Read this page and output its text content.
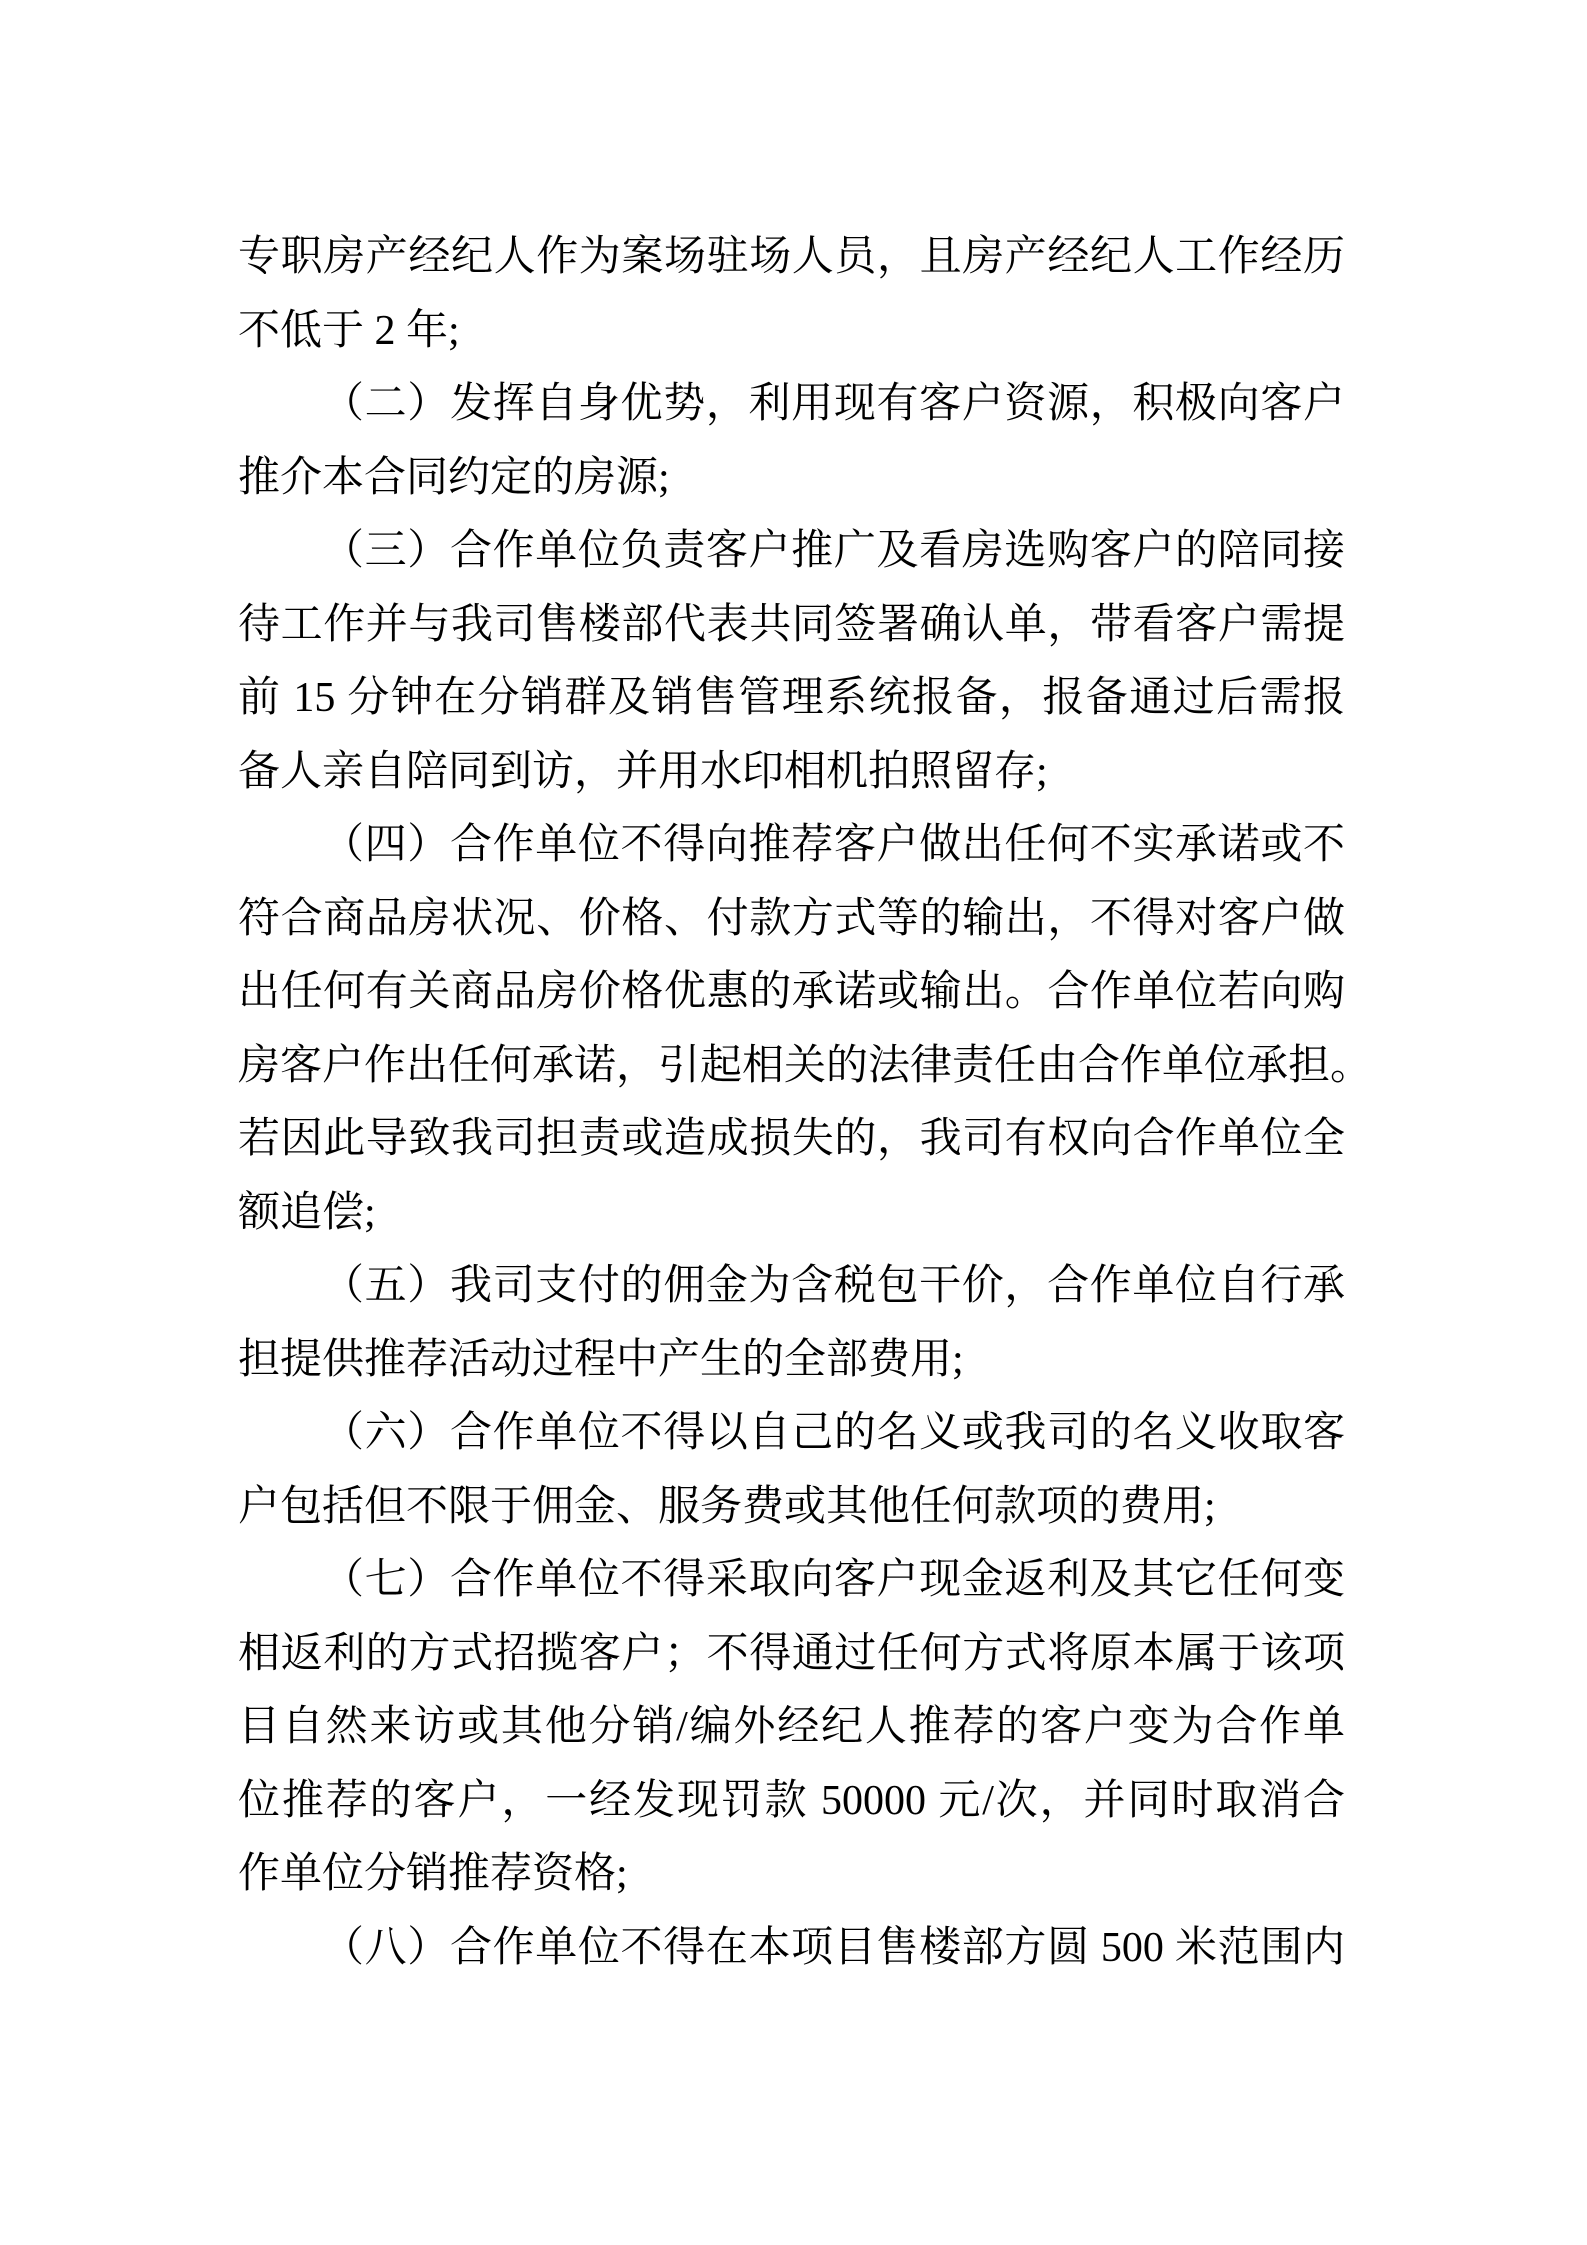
专职房产经纪人作为案场驻场人员，且房产经纪人工作经历
不低于 2 年;
（二）发挥自身优势，利用现有客户资源，积极向客户
推介本合同约定的房源;
（三）合作单位负责客户推广及看房选购客户的陪同接
待工作并与我司售楼部代表共同签署确认单，带看客户需提
前 15 分钟在分销群及销售管理系统报备，报备通过后需报
备人亲自陪同到访，并用水印相机拍照留存;
（四）合作单位不得向推荐客户做出任何不实承诺或不
符合商品房状况、价格、付款方式等的输出，不得对客户做
出任何有关商品房价格优惠的承诺或输出。合作单位若向购
房客户作出任何承诺，引起相关的法律责任由合作单位承担。
若因此导致我司担责或造成损失的，我司有权向合作单位全
额追偿;
（五）我司支付的佣金为含税包干价，合作单位自行承
担提供推荐活动过程中产生的全部费用;
（六）合作单位不得以自己的名义或我司的名义收取客
户包括但不限于佣金、服务费或其他任何款项的费用;
（七）合作单位不得采取向客户现金返利及其它任何变
相返利的方式招揽客户；不得通过任何方式将原本属于该项
目自然来访或其他分销/编外经纪人推荐的客户变为合作单
位推荐的客户，一经发现罚款 50000 元/次，并同时取消合
作单位分销推荐资格;
（八）合作单位不得在本项目售楼部方圆 500 米范围内
